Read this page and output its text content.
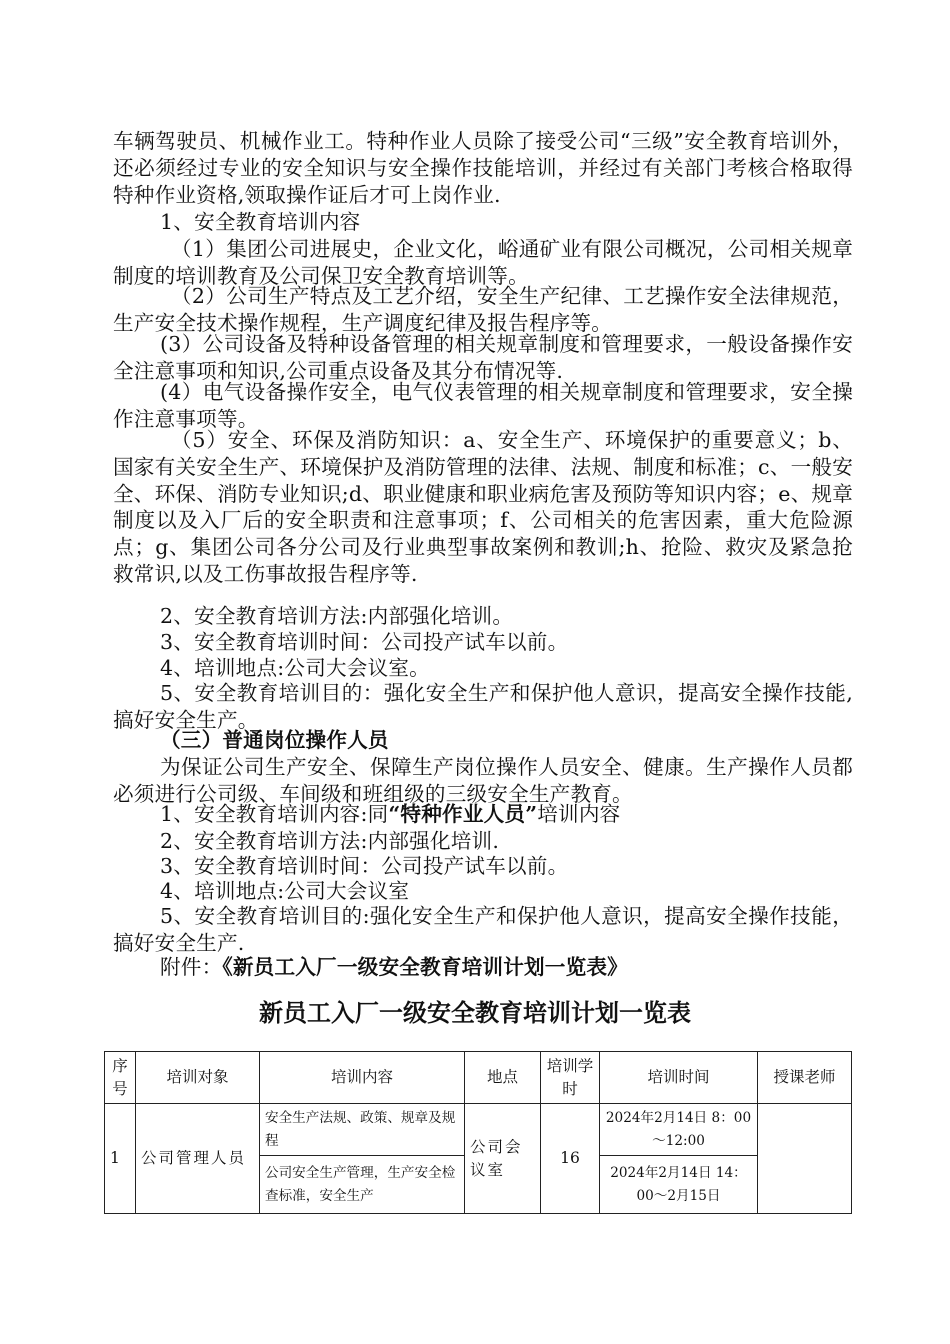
车辆驾驶员、机械作业工。特种作业人员除了接受公司“三级”安全教育培训外，还必须经过专业的安全知识与安全操作技能培训，并经过有关部门考核合格取得特种作业资格,领取操作证后才可上岗作业.

1、安全教育培训内容

（1）集团公司进展史，企业文化，峪通矿业有限公司概况，公司相关规章制度的培训教育及公司保卫安全教育培训等。

（2）公司生产特点及工艺介绍，安全生产纪律、工艺操作安全法律规范，生产安全技术操作规程，生产调度纪律及报告程序等。

(3）公司设备及特种设备管理的相关规章制度和管理要求，一般设备操作安全注意事项和知识,公司重点设备及其分布情况等.

(4）电气设备操作安全，电气仪表管理的相关规章制度和管理要求，安全操作注意事项等。

（5）安全、环保及消防知识：a、安全生产、环境保护的重要意义；b、国家有关安全生产、环境保护及消防管理的法律、法规、制度和标准；c、一般安全、环保、消防专业知识;d、职业健康和职业病危害及预防等知识内容；e、规章制度以及入厂后的安全职责和注意事项；f、公司相关的危害因素，重大危险源点；g、集团公司各分公司及行业典型事故案例和教训;h、抢险、救灾及紧急抢救常识,以及工伤事故报告程序等.

2、安全教育培训方法:内部强化培训。

3、安全教育培训时间：公司投产试车以前。

4、培训地点:公司大会议室。

5、安全教育培训目的：强化安全生产和保护他人意识，提高安全操作技能,搞好安全生产。

（三）普通岗位操作人员

为保证公司生产安全、保障生产岗位操作人员安全、健康。生产操作人员都必须进行公司级、车间级和班组级的三级安全生产教育。

1、安全教育培训内容:同“特种作业人员”培训内容

2、安全教育培训方法:内部强化培训.

3、安全教育培训时间：公司投产试车以前。

4、培训地点:公司大会议室

5、安全教育培训目的:强化安全生产和保护他人意识，提高安全操作技能，搞好安全生产.

附件：《新员工入厂一级安全教育培训计划一览表》

新员工入厂一级安全教育培训计划一览表
序号	培训对象	培训内容	地点	培训学时	培训时间	授课老师
1	公司管理人员	安全生产法规、政策、规章及规程	公司会议室	16	2024年2月14日 8：00～12:00	
		公司安全生产管理，生产安全检查标准，安全生产			2024年2月14日 14：00～2月15日	
